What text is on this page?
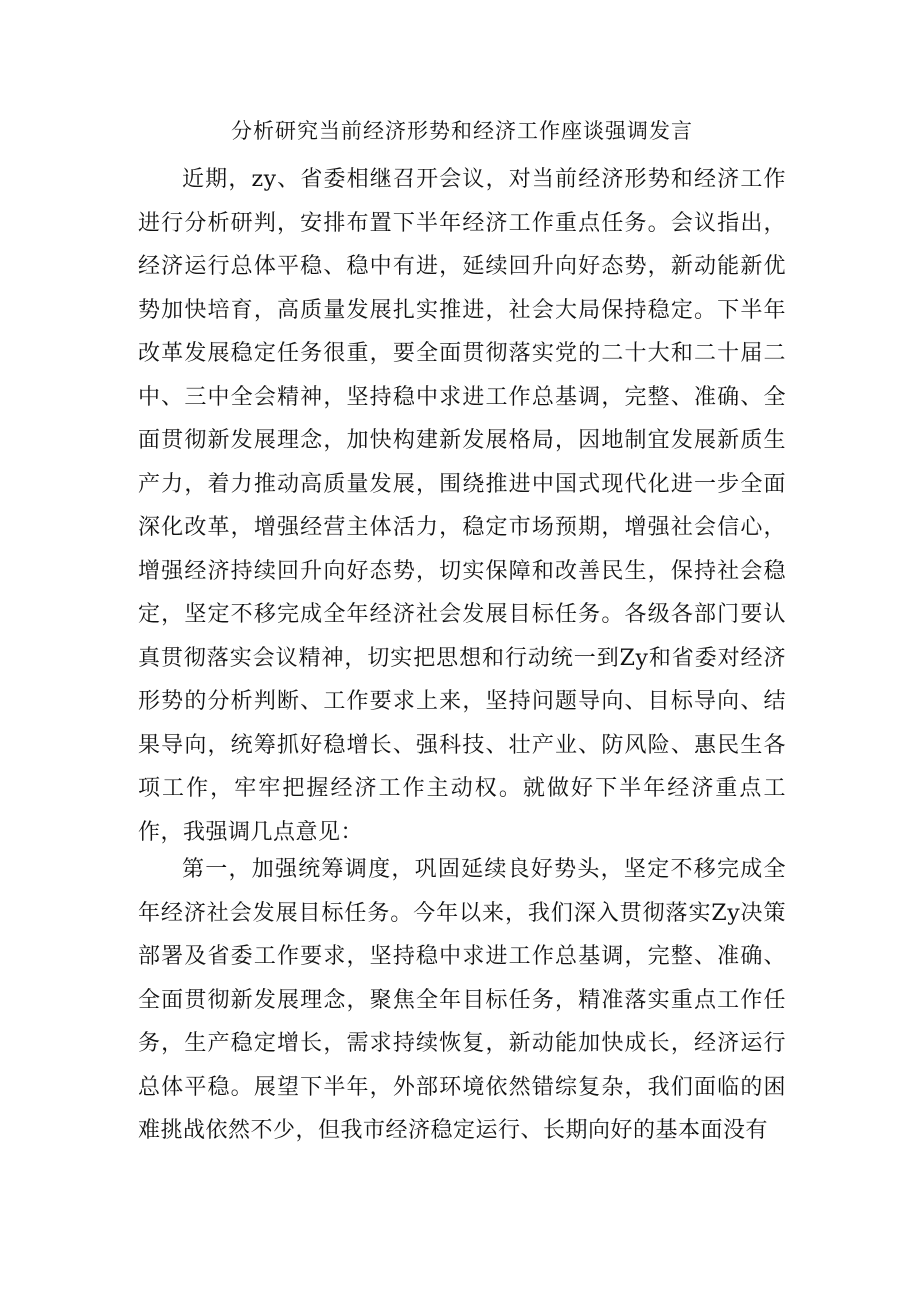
分析研究当前经济形势和经济工作座谈强调发言

近期，zy、省委相继召开会议，对当前经济形势和经济工作进行分析研判，安排布置下半年经济工作重点任务。会议指出，经济运行总体平稳、稳中有进，延续回升向好态势，新动能新优势加快培育，高质量发展扎实推进，社会大局保持稳定。下半年改革发展稳定任务很重，要全面贯彻落实党的二十大和二十届二中、三中全会精神，坚持稳中求进工作总基调，完整、准确、全面贯彻新发展理念，加快构建新发展格局，因地制宜发展新质生产力，着力推动高质量发展，围绕推进中国式现代化进一步全面深化改革，增强经营主体活力，稳定市场预期，增强社会信心，增强经济持续回升向好态势，切实保障和改善民生，保持社会稳定，坚定不移完成全年经济社会发展目标任务。各级各部门要认真贯彻落实会议精神，切实把思想和行动统一到Zy和省委对经济形势的分析判断、工作要求上来，坚持问题导向、目标导向、结果导向，统筹抓好稳增长、强科技、壮产业、防风险、惠民生各项工作，牢牢把握经济工作主动权。就做好下半年经济重点工作，我强调几点意见：

第一，加强统筹调度，巩固延续良好势头，坚定不移完成全年经济社会发展目标任务。今年以来，我们深入贯彻落实Zy决策部署及省委工作要求，坚持稳中求进工作总基调，完整、准确、全面贯彻新发展理念，聚焦全年目标任务，精准落实重点工作任务，生产稳定增长，需求持续恢复，新动能加快成长，经济运行总体平稳。展望下半年，外部环境依然错综复杂，我们面临的困难挑战依然不少，但我市经济稳定运行、长期向好的基本面没有
